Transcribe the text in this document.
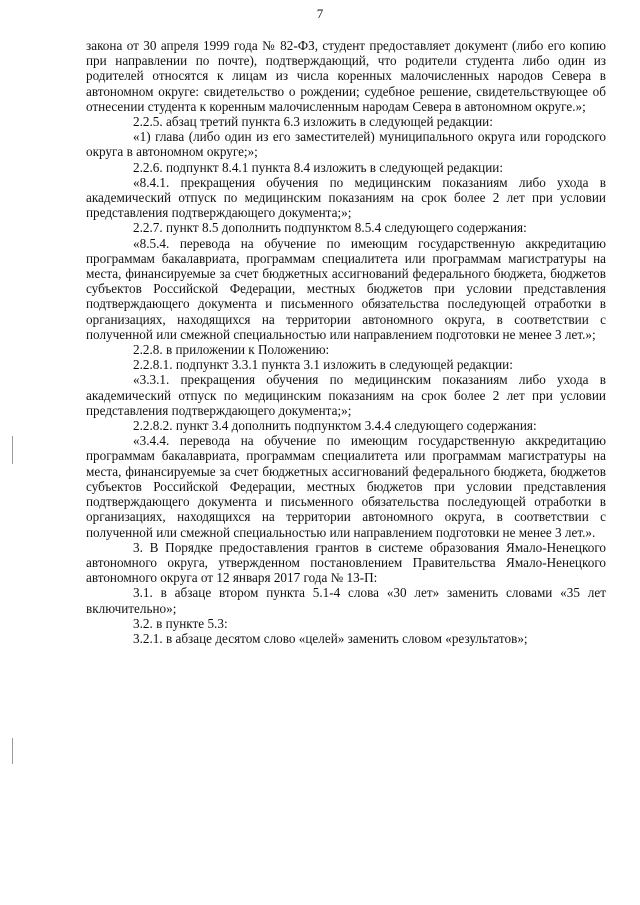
7

закона от 30 апреля 1999 года № 82-ФЗ, студент предоставляет документ (либо его копию при направлении по почте), подтверждающий, что родители студента либо один из родителей относятся к лицам из числа коренных малочисленных народов Севера в автономном округе: свидетельство о рождении; судебное решение, свидетельствующее об отнесении студента к коренным малочисленным народам Севера в автономном округе.»;

2.2.5. абзац третий пункта 6.3 изложить в следующей редакции:

«1) глава (либо один из его заместителей) муниципального округа или городского округа в автономном округе;»;

2.2.6. подпункт 8.4.1 пункта 8.4 изложить в следующей редакции:

«8.4.1. прекращения обучения по медицинским показаниям либо ухода в академический отпуск по медицинским показаниям на срок более 2 лет при условии представления подтверждающего документа;»;

2.2.7. пункт 8.5 дополнить подпунктом 8.5.4 следующего содержания:

«8.5.4. перевода на обучение по имеющим государственную аккредитацию программам бакалавриата, программам специалитета или программам магистратуры на места, финансируемые за счет бюджетных ассигнований федерального бюджета, бюджетов субъектов Российской Федерации, местных бюджетов при условии представления подтверждающего документа и письменного обязательства последующей отработки в организациях, находящихся на территории автономного округа, в соответствии с полученной или смежной специальностью или направлением подготовки не менее 3 лет.»;

2.2.8. в приложении к Положению:

2.2.8.1. подпункт 3.3.1 пункта 3.1 изложить в следующей редакции:

«3.3.1. прекращения обучения по медицинским показаниям либо ухода в академический отпуск по медицинским показаниям на срок более 2 лет при условии представления подтверждающего документа;»;

2.2.8.2. пункт 3.4 дополнить подпунктом 3.4.4 следующего содержания:

«3.4.4. перевода на обучение по имеющим государственную аккредитацию программам бакалавриата, программам специалитета или программам магистратуры на места, финансируемые за счет бюджетных ассигнований федерального бюджета, бюджетов субъектов Российской Федерации, местных бюджетов при условии представления подтверждающего документа и письменного обязательства последующей отработки в организациях, находящихся на территории автономного округа, в соответствии с полученной или смежной специальностью или направлением подготовки не менее 3 лет.».

3. В Порядке предоставления грантов в системе образования Ямало-Ненецкого автономного округа, утвержденном постановлением Правительства Ямало-Ненецкого автономного округа от 12 января 2017 года № 13-П:

3.1. в абзаце втором пункта 5.1-4 слова «30 лет» заменить словами «35 лет включительно»;

3.2. в пункте 5.3:

3.2.1. в абзаце десятом слово «целей» заменить словом «результатов»;
